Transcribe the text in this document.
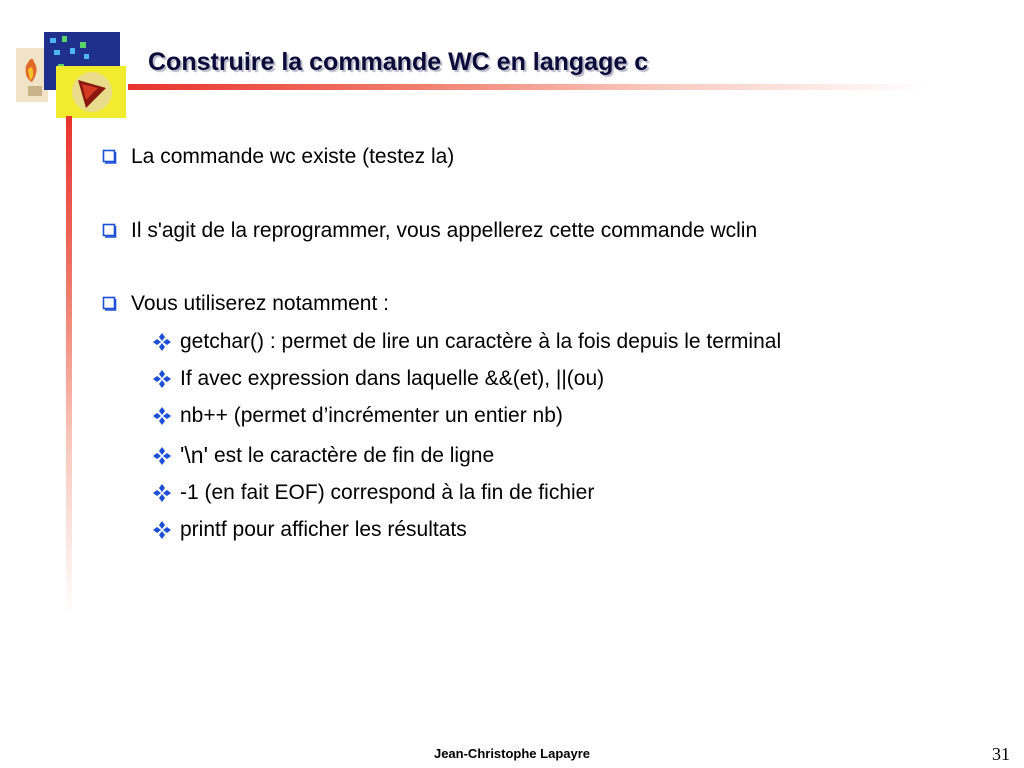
Construire la commande WC en langage c
La commande wc existe (testez la)
Il s'agit de la reprogrammer, vous appellerez cette commande wclin
Vous utiliserez notamment :
getchar() : permet de lire un caractère à la fois depuis le terminal
If avec expression dans laquelle &&(et), ||(ou)
nb++ (permet d’incrémenter un entier nb)
'\n' est le caractère de fin de ligne
-1 (en fait EOF) correspond à la fin de fichier
printf pour afficher les résultats
Jean-Christophe Lapayre	31
